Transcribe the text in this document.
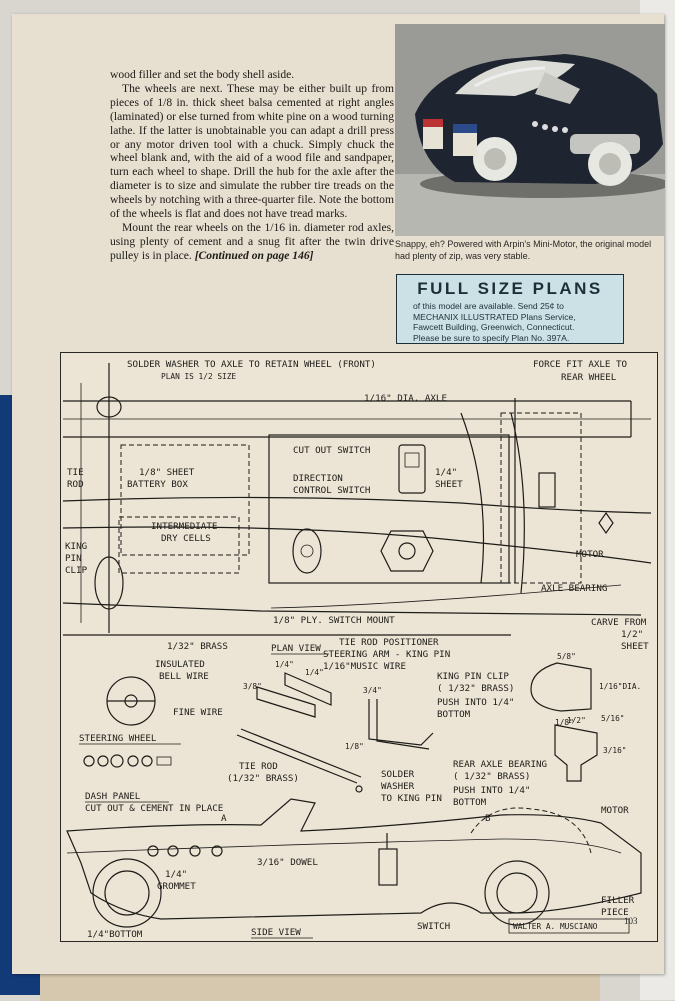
wood filler and set the body shell aside.

The wheels are next. These may be either built up from pieces of 1/8 in. thick sheet balsa cemented at right angles (laminated) or else turned from white pine on a wood turning lathe. If the latter is unobtainable you can adapt a drill press or any motor driven tool with a chuck. Simply chuck the wheel blank and, with the aid of a wood file and sandpaper, turn each wheel to shape. Drill the hub for the axle after the diameter is to size and simulate the rubber tire treads on the wheels by notching with a three-quarter file. Note the bottom of the wheels is flat and does not have tread marks.

Mount the rear wheels on the 1/16 in. diameter rod axles, using plenty of cement and a snug fit after the twin drive pulley is in place. [Continued on page 146]

Snappy, eh? Powered with Arpin's Mini-Motor, the original model had plenty of zip, was very stable.
FULL SIZE PLANS
of this model are available. Send 25¢ to
MECHANIX ILLUSTRATED Plans Service,
Fawcett Building, Greenwich, Connecticut.
Please be sure to specify Plan No. 397A.
SOLDER WASHER TO AXLE TO RETAIN WHEEL (FRONT)
PLAN IS 1/2 SIZE
1/16" DIA. AXLE
FORCE FIT AXLE TO
REAR WHEEL
CUT OUT SWITCH
DIRECTION
CONTROL SWITCH
1/4"
SHEET
TIE
ROD
1/8" SHEET
BATTERY BOX
INTERMEDIATE
DRY CELLS
KING
PIN
CLIP
MOTOR
AXLE BEARING
1/8" PLY. SWITCH MOUNT	CARVE FROM
1/2"
SHEET
1/32" BRASS	PLAN VIEW
TIE ROD POSITIONER
STEERING ARM - KING PIN
1/16"MUSIC WIRE
INSULATED
BELL WIRE	KING PIN CLIP
( 1/32" BRASS)
PUSH INTO 1/4"
BOTTOM
FINE WIRE
3/8"
1/4"
1/4"
3/4"
1/8"
5/8"
1/16"DIA.
1/8"	5/16"
STEERING WHEEL
TIE ROD
(1/32" BRASS)	SOLDER
WASHER
TO KING PIN
REAR AXLE BEARING
( 1/32" BRASS)
PUSH INTO 1/4"
BOTTOM
1/2"
3/16"
DASH PANEL
CUT OUT & CEMENT IN PLACE
A	B
MOTOR
3/16" DOWEL
1/4"
GROMMET
FILLER
PIECE
1/4"BOTTOM	SIDE VIEW
SWITCH	WALTER A. MUSCIANO
103
